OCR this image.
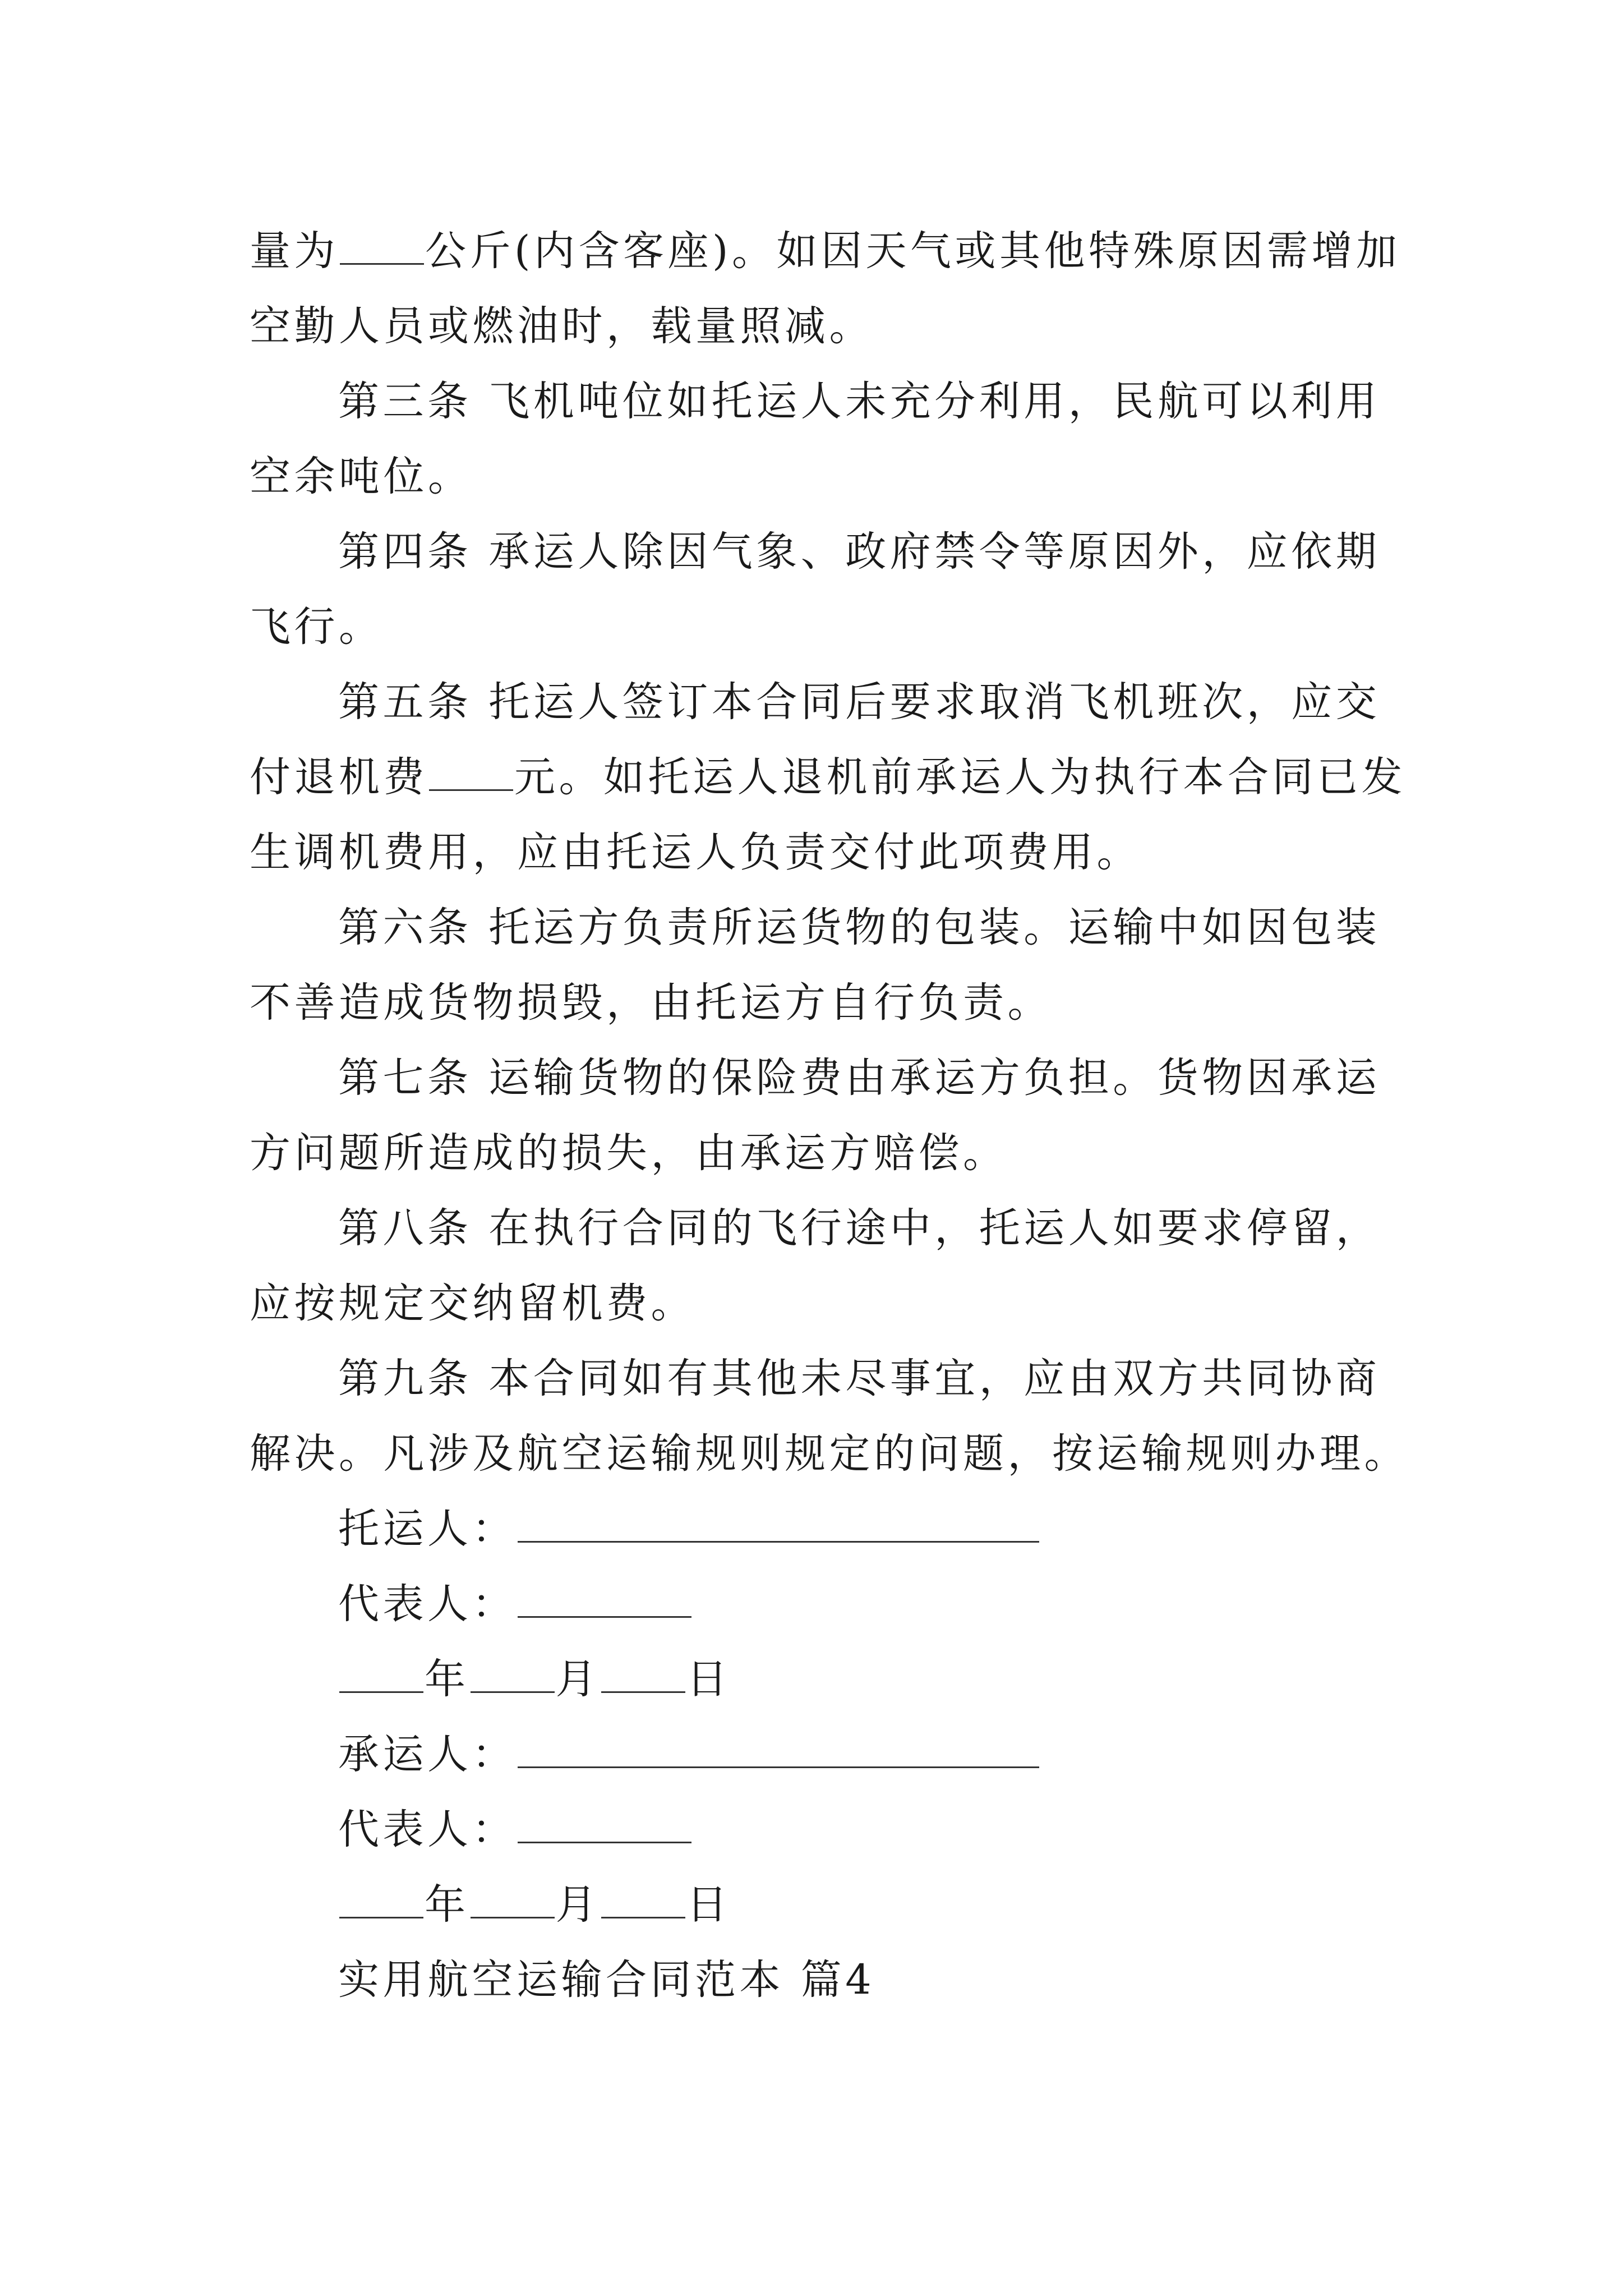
量为 公斤(内含客座)。如因天气或其他特殊原因需增加
空勤人员或燃油时，载量照减。
第三条 飞机吨位如托运人未充分利用，民航可以利用
空余吨位。
第四条 承运人除因气象、政府禁令等原因外，应依期
飞行。
第五条 托运人签订本合同后要求取消飞机班次，应交
付退机费 元。如托运人退机前承运人为执行本合同已发
生调机费用，应由托运人负责交付此项费用。
第六条 托运方负责所运货物的包装。运输中如因包装
不善造成货物损毁，由托运方自行负责。
第七条 运输货物的保险费由承运方负担。货物因承运
方问题所造成的损失，由承运方赔偿。
第八条 在执行合同的飞行途中，托运人如要求停留，
应按规定交纳留机费。
第九条 本合同如有其他未尽事宜，应由双方共同协商
解决。凡涉及航空运输规则规定的问题，按运输规则办理。
托运人：
代表人：
年 月 日
承运人：
代表人：
年 月 日
实用航空运输合同范本 篇4
